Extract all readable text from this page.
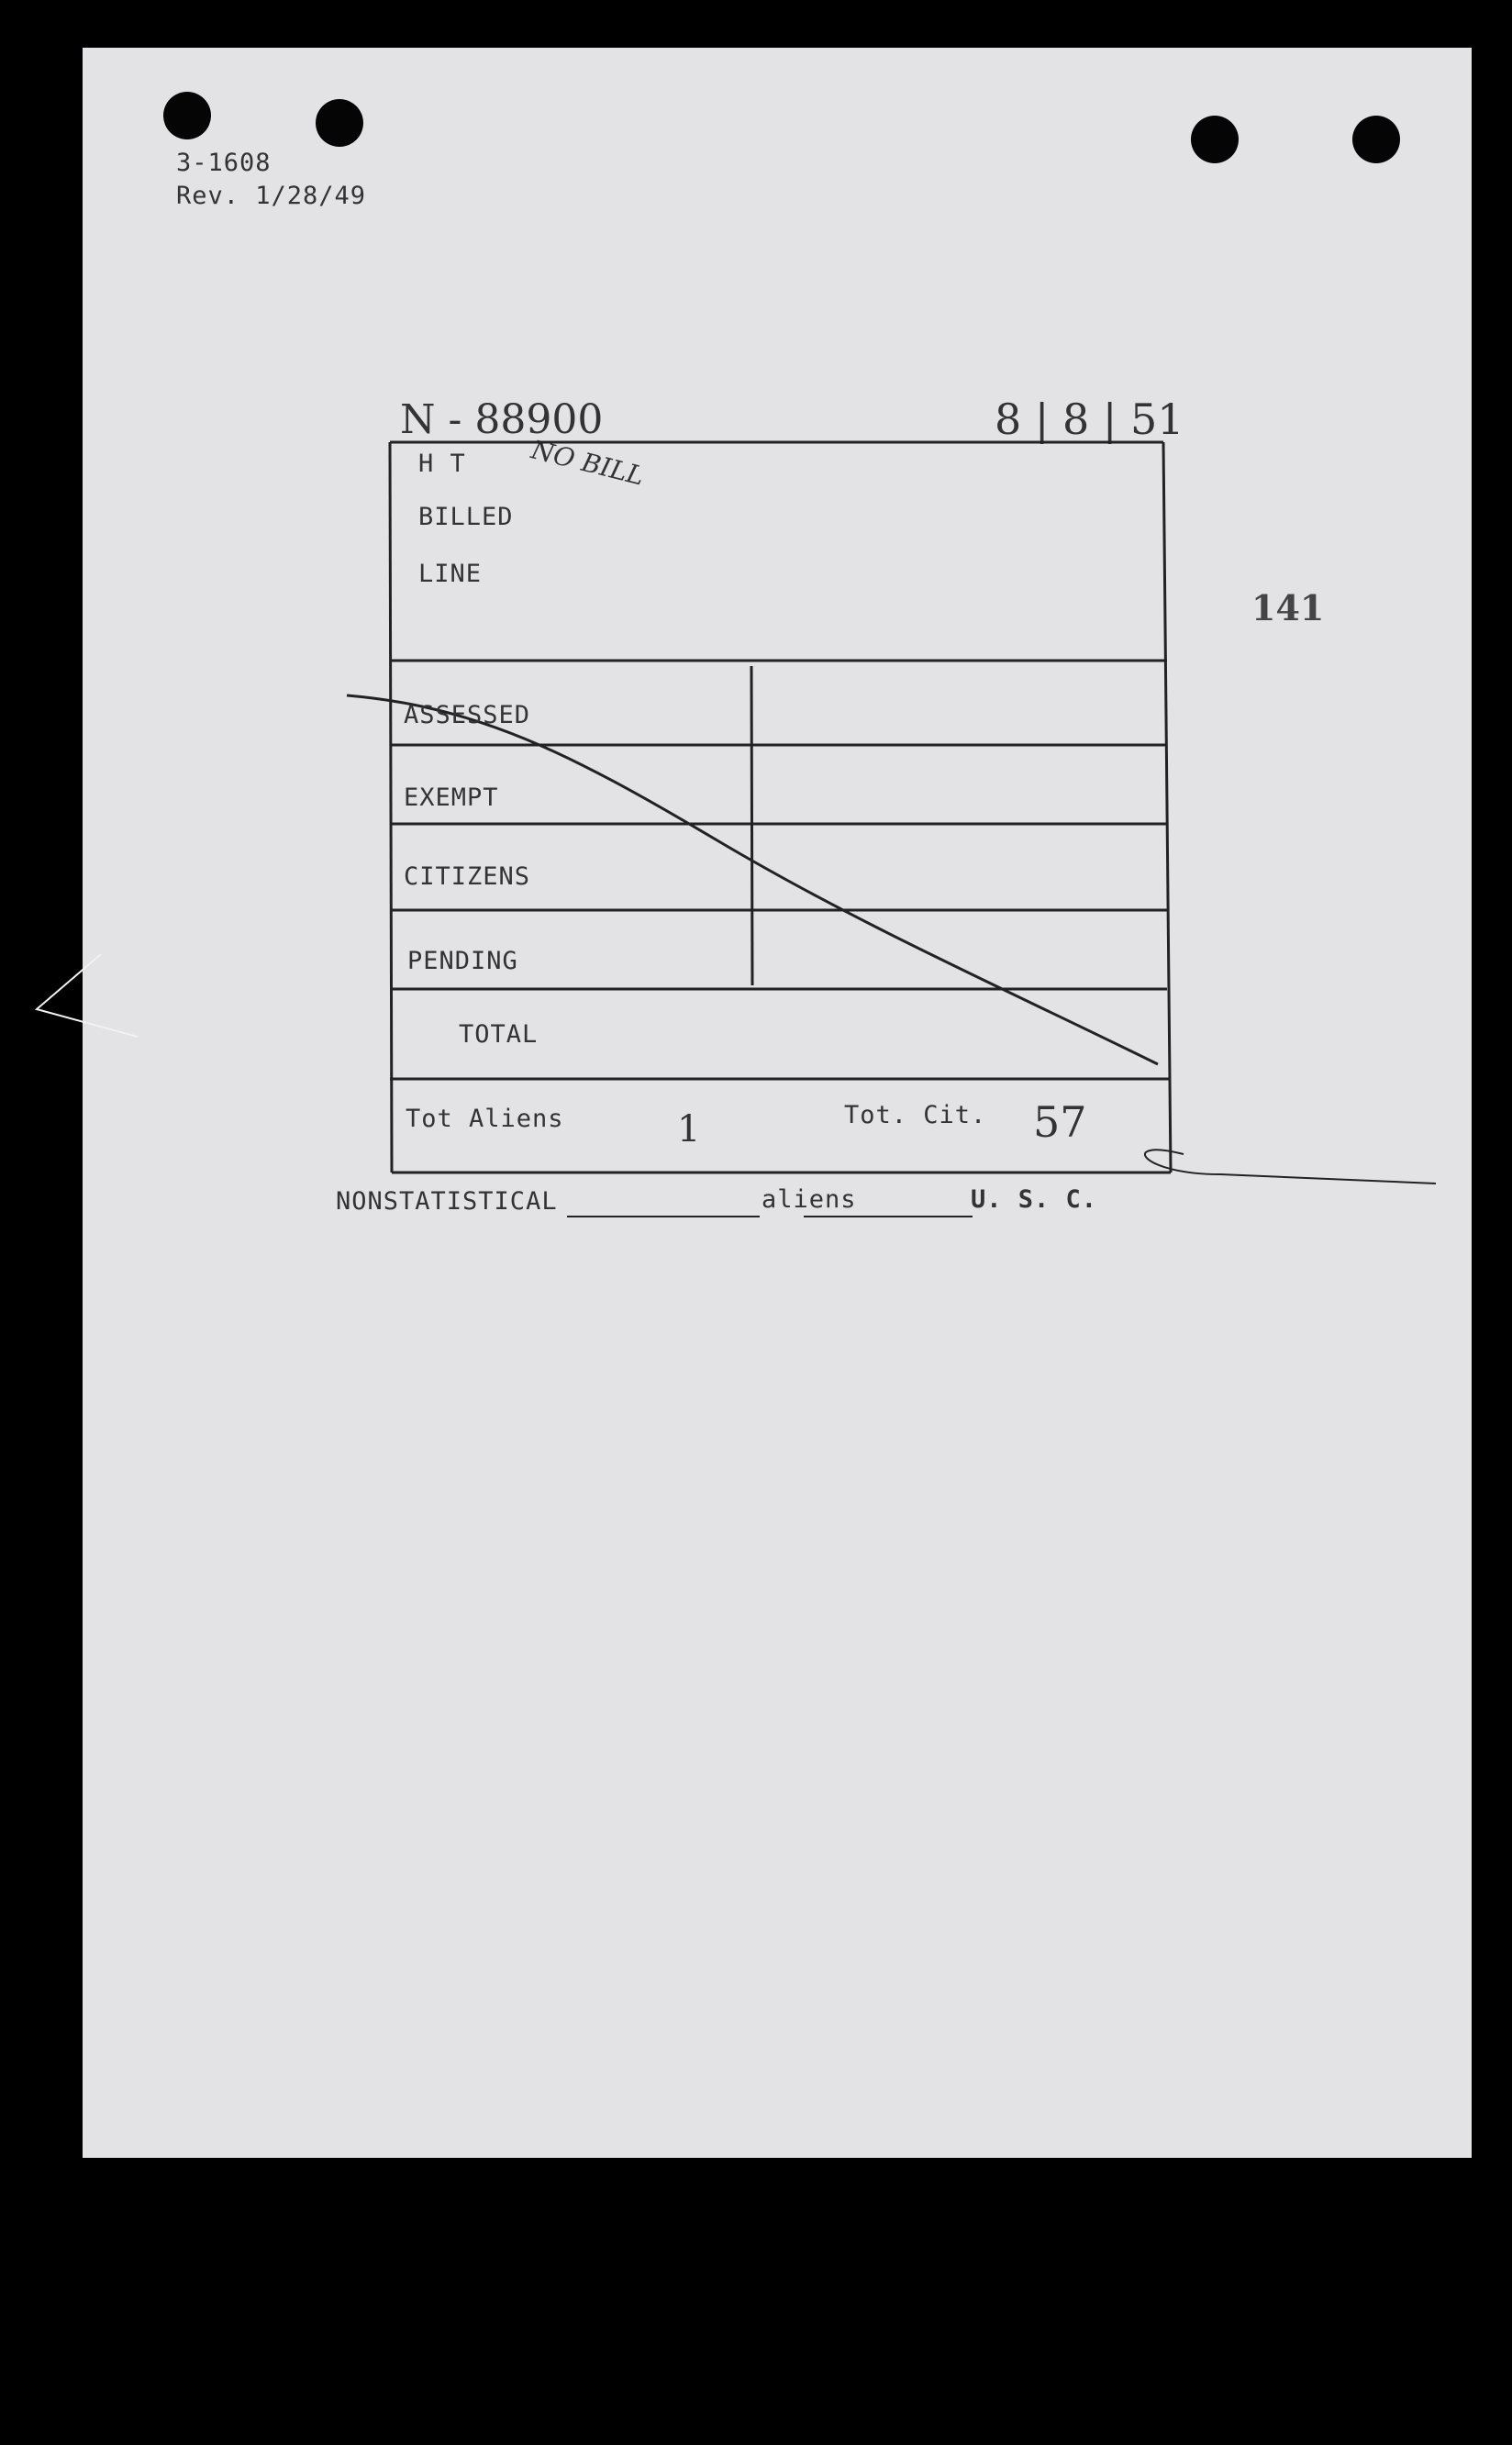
3-1608
Rev. 1/28/49
N - 88900	8 | 8 | 51
NO BILL
141
H T
BILLED
LINE
ASSESSED
EXEMPT
CITIZENS
PENDING
TOTAL
Tot Aliens	1	Tot. Cit. 57
NONSTATISTICAL	aliens	U. S. C.
